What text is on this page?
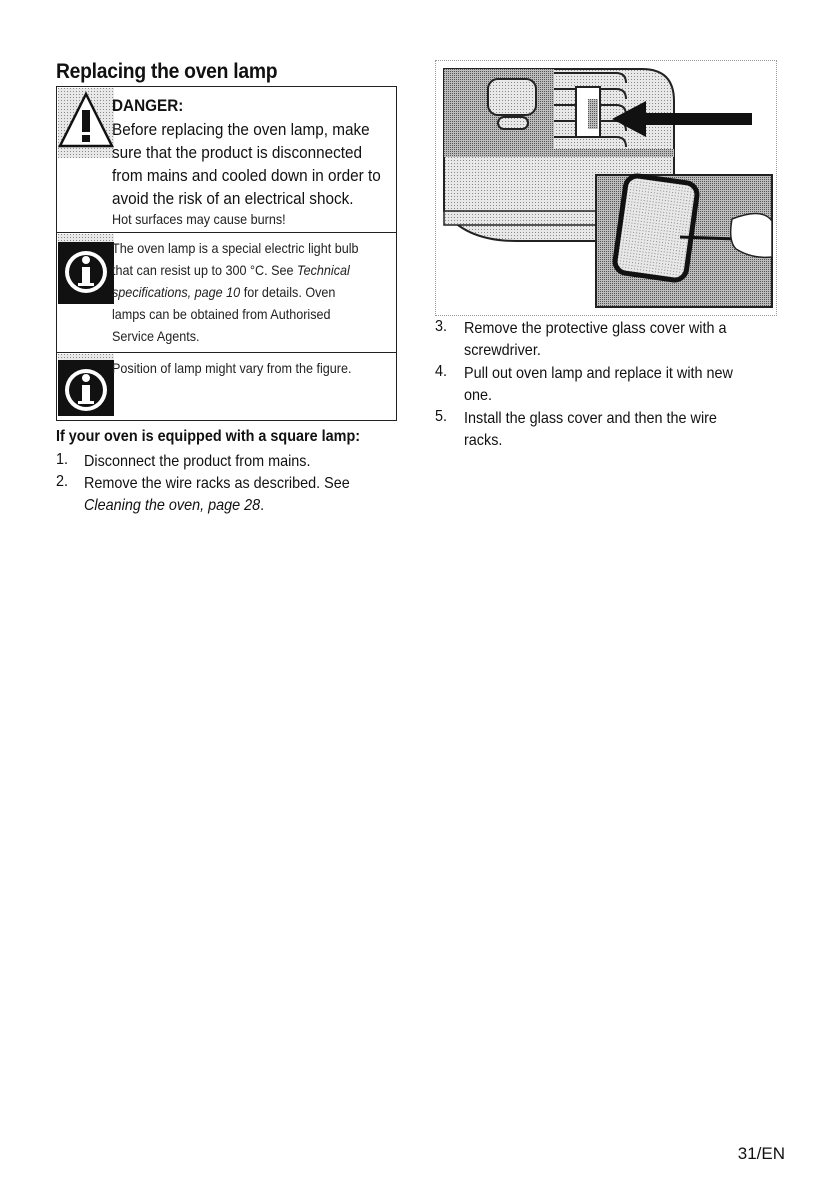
Replacing the oven lamp
DANGER:
Before replacing the oven lamp, make
sure that the product is disconnected
from mains and cooled down in order to
avoid the risk of an electrical shock.
Hot surfaces may cause burns!
The oven lamp is a special electric light bulb
that can resist up to 300 °C. See Technical
specifications, page 10 for details. Oven
lamps can be obtained from Authorised
Service Agents.
Position of lamp might vary from the figure.
If your oven is equipped with a square lamp:
1. Disconnect the product from mains.
2. Remove the wire racks as described. See
Cleaning the oven, page 28.
3. Remove the protective glass cover with a
screwdriver.
4. Pull out oven lamp and replace it with new
one.
5. Install the glass cover and then the wire
racks.
31/EN
